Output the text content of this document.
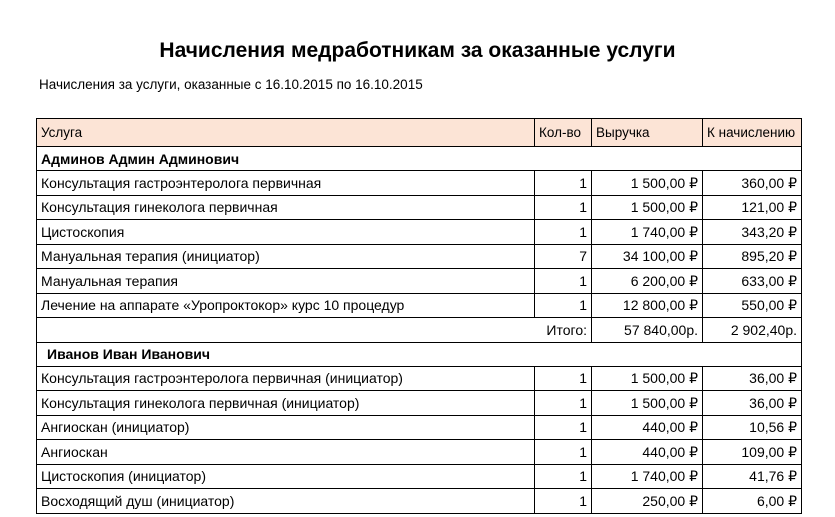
Начисления медработникам за оказанные услуги
Начисления за услуги, оказанные с 16.10.2015 по 16.10.2015
Услуга	Кол-во	Выручка	К начислению
Админов Админ Админович			
Консультация гастроэнтеролога первичная	1	1 500,00 ₽	360,00 ₽
Консультация гинеколога первичная	1	1 500,00 ₽	121,00 ₽
Цистоскопия	1	1 740,00 ₽	343,20 ₽
Мануальная терапия (инициатор)	7	34 100,00 ₽	895,20 ₽
Мануальная терапия	1	6 200,00 ₽	633,00 ₽
Лечение на аппарате «Уропроктокор» курс 10 процедур	1	12 800,00 ₽	550,00 ₽
Итого:		57 840,00р.	2 902,40р.
Иванов Иван Иванович			
Консультация гастроэнтеролога первичная (инициатор)	1	1 500,00 ₽	36,00 ₽
Консультация гинеколога первичная (инициатор)	1	1 500,00 ₽	36,00 ₽
Ангиоскан (инициатор)	1	440,00 ₽	10,56 ₽
Ангиоскан	1	440,00 ₽	109,00 ₽
Цистоскопия (инициатор)	1	1 740,00 ₽	41,76 ₽
Восходящий душ (инициатор)	1	250,00 ₽	6,00 ₽
